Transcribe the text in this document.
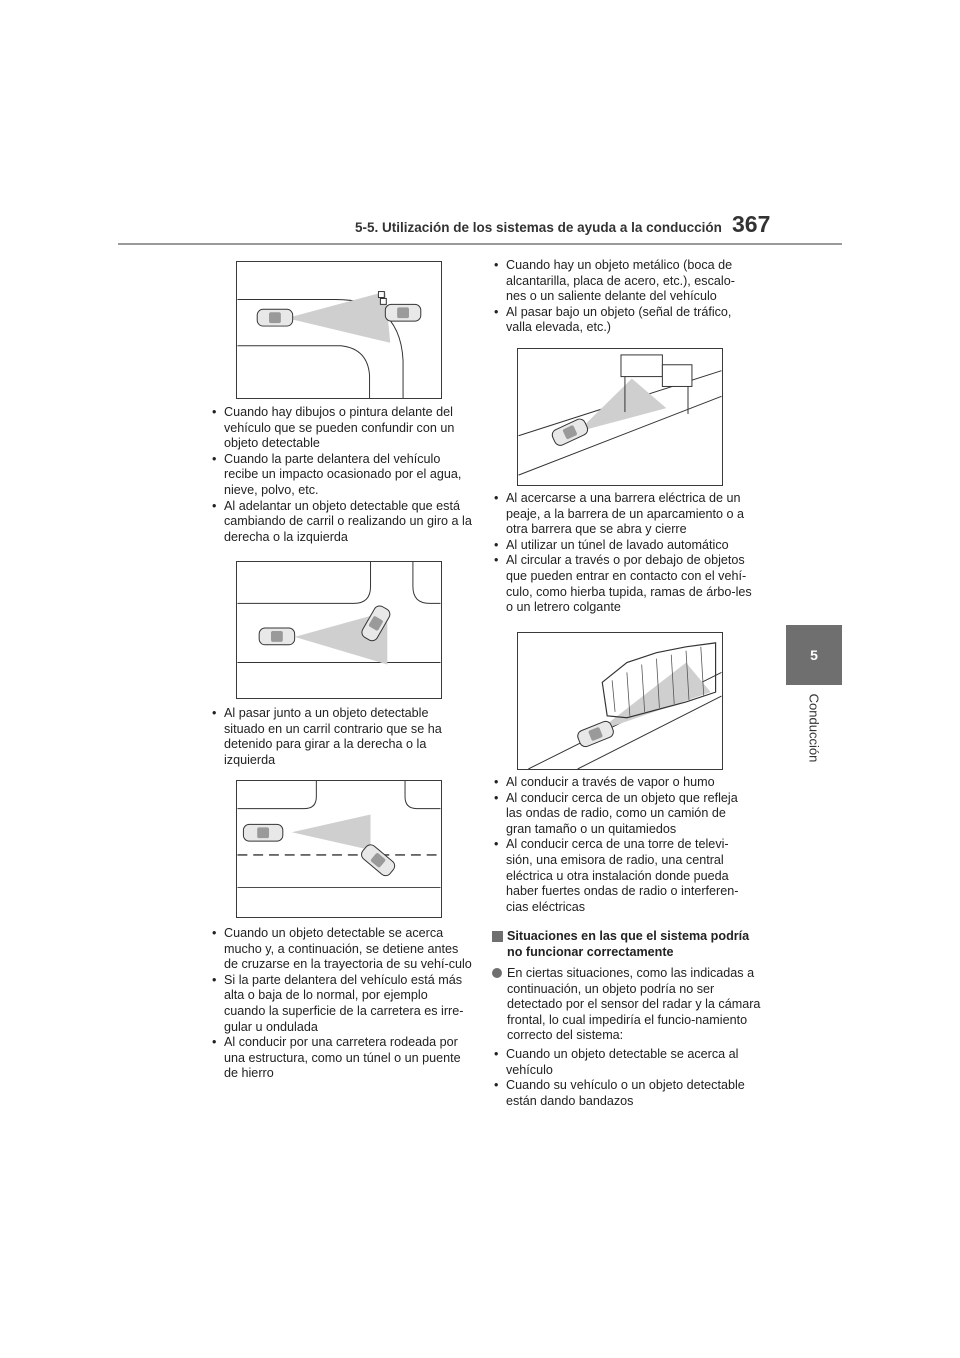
5-5. Utilización de los sistemas de ayuda a la conducción 367
5
Conducción
• Cuando hay dibujos o pintura delante del vehículo que se pueden confundir con un objeto detectable
• Cuando la parte delantera del vehículo recibe un impacto ocasionado por el agua, nieve, polvo, etc.
• Al adelantar un objeto detectable que está cambiando de carril o realizando un giro a la derecha o la izquierda
• Al pasar junto a un objeto detectable situado en un carril contrario que se ha detenido para girar a la derecha o la izquierda
• Cuando un objeto detectable se acerca mucho y, a continuación, se detiene antes de cruzarse en la trayectoria de su vehí-culo
• Si la parte delantera del vehículo está más alta o baja de lo normal, por ejemplo cuando la superficie de la carretera es irre-gular u ondulada
• Al conducir por una carretera rodeada por una estructura, como un túnel o un puente de hierro
• Cuando hay un objeto metálico (boca de alcantarilla, placa de acero, etc.), escalo-nes o un saliente delante del vehículo
• Al pasar bajo un objeto (señal de tráfico, valla elevada, etc.)
• Al acercarse a una barrera eléctrica de un peaje, a la barrera de un aparcamiento o a otra barrera que se abra y cierre
• Al utilizar un túnel de lavado automático
• Al circular a través o por debajo de objetos que pueden entrar en contacto con el vehí-culo, como hierba tupida, ramas de árbo-les o un letrero colgante
• Al conducir a través de vapor o humo
• Al conducir cerca de un objeto que refleja las ondas de radio, como un camión de gran tamaño o un quitamiedos
• Al conducir cerca de una torre de televi-sión, una emisora de radio, una central eléctrica u otra instalación donde pueda haber fuertes ondas de radio o interferen-cias eléctricas
Situaciones en las que el sistema podría no funcionar correctamente
En ciertas situaciones, como las indicadas a continuación, un objeto podría no ser detectado por el sensor del radar y la cámara frontal, lo cual impediría el funcio-namiento correcto del sistema:
• Cuando un objeto detectable se acerca al vehículo
• Cuando su vehículo o un objeto detectable están dando bandazos
